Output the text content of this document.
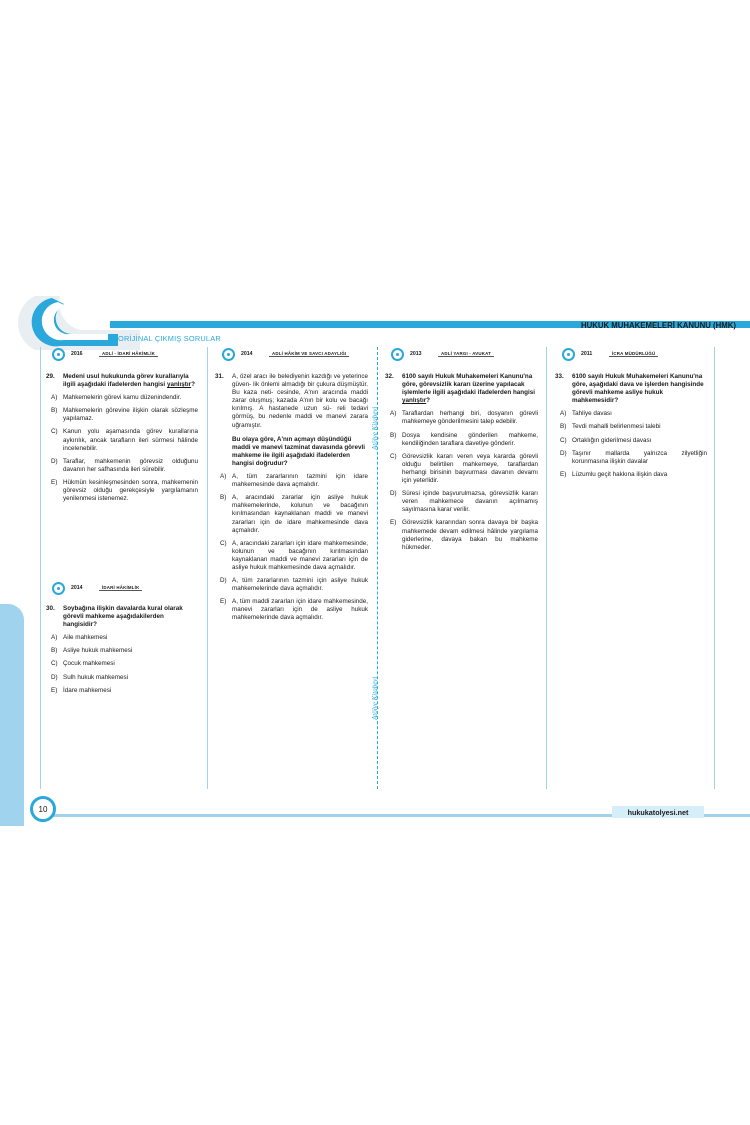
ORİJİNAL ÇIKMIŞ SORULAR
HUKUK MUHAKEMELERİ KANUNU (HMK)
Atölye Kitabevi
Atölye Kitabevi
2016	ADLİ - İDARİ HÂKİMLİK
29.	Medeni usul hukukunda görev kurallarıyla ilgili aşağıdaki ifadelerden hangisi yanlıştır?
A) Mahkemelerin görevi kamu düzenindendir.
B) Mahkemelerin görevine ilişkin olarak sözleşme yapılamaz.
C) Kanun yolu aşamasında görev kurallarına aykırılık, ancak tarafların ileri sürmesi hâlinde incelenebilir.
D) Taraflar, mahkemenin görevsiz olduğunu davanın her safhasında ileri sürebilir.
E) Hükmün kesinleşmesinden sonra, mahkemenin görevsiz olduğu gerekçesiyle yargılamanın yenilenmesi istenemez.
2014	İDARİ HÂKİMLİK
30.	Soybağına ilişkin davalarda kural olarak görevli mahkeme aşağıdakilerden hangisidir?
A) Aile mahkemesi
B) Asliye hukuk mahkemesi
C) Çocuk mahkemesi
D) Sulh hukuk mahkemesi
E) İdare mahkemesi
2014	ADLİ HÂKİM VE SAVCI ADAYLIĞI
31.	A, özel aracı ile belediyenin kazdığı ve yeterince güven- lik önlemi almadığı bir çukura düşmüştür. Bu kaza neti- cesinde, A'nın aracında maddi zarar oluşmuş; kazada A'nın bir kolu ve bacağı kırılmış. A hastanede uzun sü- reli tedavi görmüş, bu nedenle maddi ve manevi zarara uğramıştır.
Bu olaya göre, A'nın açmayı düşündüğü maddi ve manevi tazminat davasında görevli mahkeme ile ilgili aşağıdaki ifadelerden hangisi doğrudur?
A) A, tüm zararlarının tazmini için idare mahkemesinde dava açmalıdır.
B) A, aracındaki zararlar için asliye hukuk mahkemelerinde, kolunun ve bacağının kırılmasından kaynaklanan maddi ve manevi zararları için de idare mahkemesinde dava açmalıdır.
C) A, aracındaki zararları için idare mahkemesinde, kolunun ve bacağının kırılmasından kaynaklanan maddi ve manevi zararları için de asliye hukuk mahkemesinde dava açmalıdır.
D) A, tüm zararlarının tazmini için asliye hukuk mahkemelerinde dava açmalıdır.
E) A, tüm maddi zararları için idare mahkemesinde, manevi zararları için de asliye hukuk mahkemelerinde dava açmalıdır.
2013	ADLİ YARGI - AVUKAT
32.	6100 sayılı Hukuk Muhakemeleri Kanunu'na göre, görevsizlik kararı üzerine yapılacak işlemlerle ilgili aşağıdaki ifadelerden hangisi yanlıştır?
A) Taraflardan herhangi biri, dosyanın görevli mahkemeye gönderilmesini talep edebilir.
B) Dosya kendisine gönderilen mahkeme, kendiliğinden taraflara davetiye gönderir.
C) Görevsizlik kararı veren veya kararda görevli olduğu belirtilen mahkemeye, taraflardan herhangi birisinin başvurması davanın devamı için yeterlidir.
D) Süresi içinde başvurulmazsa, görevsizlik kararı veren mahkemece davanın açılmamış sayılmasına karar verilir.
E) Görevsizlik kararından sonra davaya bir başka mahkemede devam edilmesi hâlinde yargılama giderlerine, davaya bakan bu mahkeme hükmeder.
2011	İCRA MÜDÜRLÜĞÜ
33.	6100 sayılı Hukuk Muhakemeleri Kanunu'na göre, aşağıdaki dava ve işlerden hangisinde görevli mahkeme asliye hukuk mahkemesidir?
A) Tahliye davası
B) Tevdi mahalli belirlenmesi talebi
C) Ortaklığın giderilmesi davası
D) Taşınır mallarda yalnızca zilyetliğin korunmasına ilişkin davalar
E) Lüzumlu geçit hakkına ilişkin dava
10	hukukatolyesi.net
